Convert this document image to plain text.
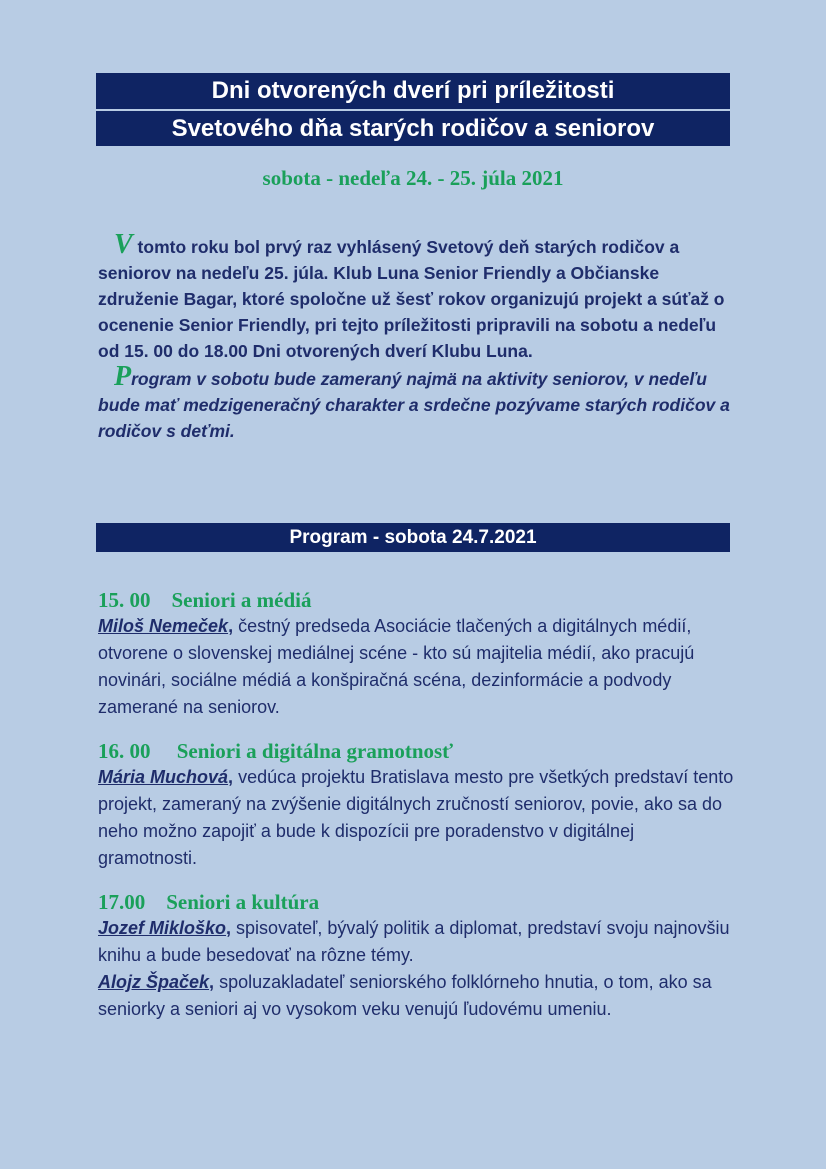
Dni otvorených dverí pri príležitosti
Svetového dňa starých rodičov a seniorov
sobota - nedeľa 24. - 25. júla 2021

V tomto roku bol prvý raz vyhlásený Svetový deň starých rodičov a seniorov na nedeľu 25. júla. Klub Luna Senior Friendly a Občianske združenie Bagar, ktoré spoločne už šesť rokov organizujú projekt a súťaž o ocenenie Senior Friendly, pri tejto príležitosti pripravili na sobotu a nedeľu od 15. 00 do 18.00 Dni otvorených dverí Klubu Luna.

Program v sobotu bude zameraný najmä na aktivity seniorov, v nedeľu bude mať medzigeneračný charakter a srdečne pozývame starých rodičov a rodičov s deťmi.

Program - sobota 24.7.2021
15. 00    Seniori a médiá
Miloš Nemeček, čestný predseda Asociácie tlačených a digitálnych médií, otvorene o slovenskej mediálnej scéne - kto sú majitelia médií, ako pracujú novinári, sociálne médiá a konšpiračná scéna, dezinformácie a podvody zamerané na seniorov.
16. 00     Seniori a digitálna gramotnosť
Mária Muchová, vedúca projektu Bratislava mesto pre všetkých predstaví tento projekt, zameraný na zvýšenie digitálnych zručností seniorov, povie, ako sa do neho možno zapojiť a bude k dispozícii pre poradenstvo v digitálnej gramotnosti.
17.00    Seniori a kultúra
Jozef Mikloško, spisovateľ, bývalý politik a diplomat, predstaví svoju najnovšiu knihu a bude besedovať na rôzne témy.
Alojz Špaček, spoluzakladateľ seniorského folklórneho hnutia, o tom, ako sa seniorky a seniori aj vo vysokom veku venujú ľudovému umeniu.
